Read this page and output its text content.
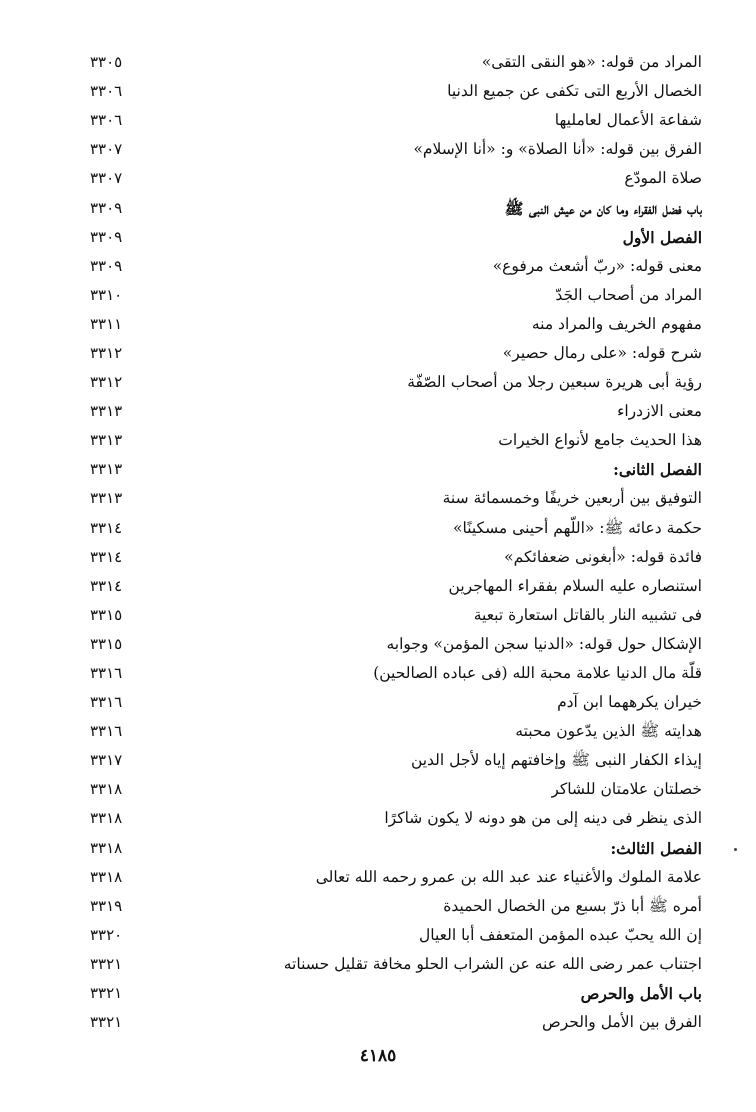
المراد من قوله: «هو النقى التقى»
٣٣٠٥
الخصال الأربع التى تكفى عن جميع الدنيا
٣٣٠٦
شفاعة الأعمال لعامليها
٣٣٠٦
الفرق بين قوله: «أنا الصلاة» و: «أنا الإسلام»
٣٣٠٧
صلاة المودّع
٣٣٠٧
باب فضل الفقراء وما كان من عيش النبى ﷺ
٣٣٠٩
الفصل الأول
٣٣٠٩
معنى قوله: «ربّ أشعث مرفوع»
٣٣٠٩
المراد من أصحاب الجَدّ
٣٣١٠
مفهوم الخريف والمراد منه
٣٣١١
شرح قوله: «على رمال حصير»
٣٣١٢
رؤية أبى هريرة سبعين رجلا من أصحاب الصّفّة
٣٣١٢
معنى الازدراء
٣٣١٣
هذا الحديث جامع لأنواع الخيرات
٣٣١٣
الفصل الثانى:
٣٣١٣
التوفيق بين أربعين خريفًا وخمسمائة سنة
٣٣١٣
حكمة دعائه ﷺ: «اللّهم أحينى مسكينًا»
٣٣١٤
فائدة قوله: «أبغونى ضعفائكم»
٣٣١٤
استنصاره عليه السلام بفقراء المهاجرين
٣٣١٤
فى تشبيه النار بالقاتل استعارة تبعية
٣٣١٥
الإشكال حول قوله: «الدنيا سجن المؤمن» وجوابه
٣٣١٥
قلّة مال الدنيا علامة محبة الله (فى عباده الصالحين)
٣٣١٦
خيران يكرههما ابن آدم
٣٣١٦
هدايته ﷺ الذين يدّعون محبته
٣٣١٦
إيذاء الكفار النبى ﷺ وإخافتهم إياه لأجل الدين
٣٣١٧
خصلتان علامتان للشاكر
٣٣١٨
الذى ينظر فى دينه إلى من هو دونه لا يكون شاكرًا
٣٣١٨
الفصل الثالث:
٣٣١٨
علامة الملوك والأغنياء عند عبد الله بن عمرو رحمه الله تعالى
٣٣١٨
أمره ﷺ أبا ذرّ بسبع من الخصال الحميدة
٣٣١٩
إن الله يحبّ عبده المؤمن المتعفف أبا العيال
٣٣٢٠
اجتناب عمر رضى الله عنه عن الشراب الحلو مخافة تقليل حسناته
٣٣٢١
باب الأمل والحرص
٣٣٢١
الفرق بين الأمل والحرص
٣٣٢١
٤١٨٥
